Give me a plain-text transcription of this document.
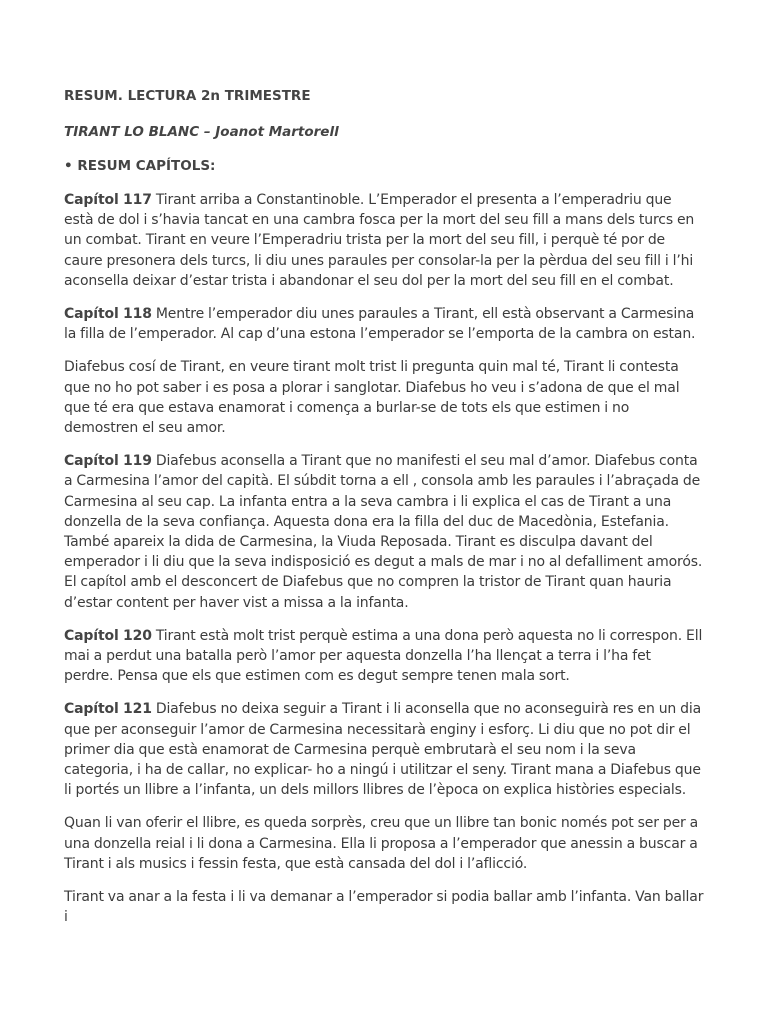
RESUM. LECTURA 2n TRIMESTRE
TIRANT LO BLANC – Joanot Martorell
• RESUM CAPÍTOLS:

Capítol 117 Tirant arriba a Constantinoble. L’Emperador el presenta a l’emperadriu que està de dol i s’havia tancat en una cambra fosca per la mort del seu fill a mans dels turcs en un combat. Tirant en veure l’Emperadriu trista per la mort del seu fill, i perquè té por de caure presonera dels turcs, li diu unes paraules per consolar-la per la pèrdua del seu fill i l’hi aconsella deixar d’estar trista i abandonar el seu dol per la mort del seu fill en el combat.

Capítol 118 Mentre l’emperador diu unes paraules a Tirant, ell està observant a Carmesina la filla de l’emperador. Al cap d’una estona l’emperador se l’emporta de la cambra on estan.

Diafebus cosí de Tirant, en veure tirant molt trist li pregunta quin mal té, Tirant li contesta que no ho pot saber i es posa a plorar i sanglotar. Diafebus ho veu i s’adona de que el mal que té era que estava enamorat i comença a burlar-se de tots els que estimen i no demostren el seu amor.

Capítol 119 Diafebus aconsella a Tirant que no manifesti el seu mal d’amor. Diafebus conta a Carmesina l’amor del capità. El súbdit torna a ell , consola amb les paraules i l’abraçada de Carmesina al seu cap. La infanta entra a la seva cambra i li explica el cas de Tirant a una donzella de la seva confiança. Aquesta dona era la filla del duc de Macedònia, Estefania. També apareix la dida de Carmesina, la Viuda Reposada. Tirant es disculpa davant del emperador i li diu que la seva indisposició es degut a mals de mar i no al defalliment amorós. El capítol amb el desconcert de Diafebus que no compren la tristor de Tirant quan hauria d’estar content per haver vist a missa a la infanta.

Capítol 120 Tirant està molt trist perquè estima a una dona però aquesta no li correspon. Ell mai a perdut una batalla però l’amor per aquesta donzella l’ha llençat a terra i l’ha fet perdre. Pensa que els que estimen com es degut sempre tenen mala sort.

Capítol 121 Diafebus no deixa seguir a Tirant i li aconsella que no aconseguirà res en un dia que per aconseguir l’amor de Carmesina necessitarà enginy i esforç. Li diu que no pot dir el primer dia que està enamorat de Carmesina perquè embrutarà el seu nom i la seva categoria, i ha de callar, no explicar- ho a ningú i utilitzar el seny. Tirant mana a Diafebus que li portés un llibre a l’infanta, un dels millors llibres de l’època on explica històries especials.

Quan li van oferir el llibre, es queda sorprès, creu que un llibre tan bonic només pot ser per a una donzella reial i li dona a Carmesina. Ella li proposa a l’emperador que anessin a buscar a Tirant i als musics i fessin festa, que està cansada del dol i l’aflicció.

Tirant va anar a la festa i li va demanar a l’emperador si podia ballar amb l’infanta. Van ballar i
